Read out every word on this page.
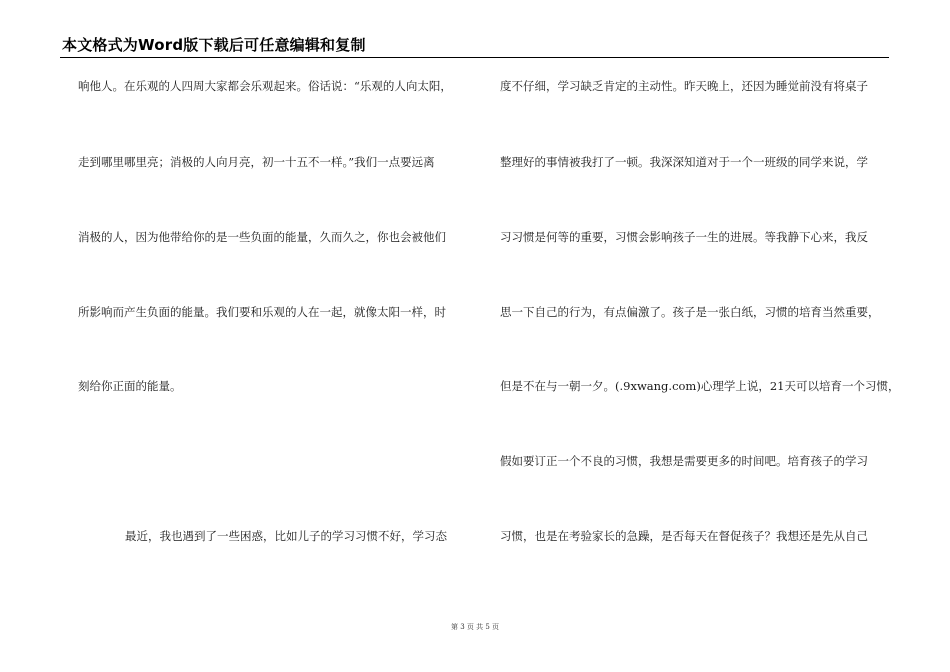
本文格式为Word版下载后可任意编辑和复制
响他人。在乐观的人四周大家都会乐观起来。俗话说：“乐观的人向太阳，
走到哪里哪里亮；消极的人向月亮，初一十五不一样。”我们一点要远离
消极的人，因为他带给你的是一些负面的能量，久而久之，你也会被他们
所影响而产生负面的能量。我们要和乐观的人在一起，就像太阳一样，时
刻给你正面的能量。
最近，我也遇到了一些困惑，比如儿子的学习习惯不好，学习态
度不仔细，学习缺乏肯定的主动性。昨天晚上，还因为睡觉前没有将桌子
整理好的事情被我打了一顿。我深深知道对于一个一班级的同学来说，学
习习惯是何等的重要，习惯会影响孩子一生的进展。等我静下心来，我反
思一下自己的行为，有点偏激了。孩子是一张白纸，习惯的培育当然重要，
但是不在与一朝一夕。(.9xwang.com)心理学上说，21天可以培育一个习惯，
假如要订正一个不良的习惯，我想是需要更多的时间吧。培育孩子的学习
习惯，也是在考验家长的急躁，是否每天在督促孩子？我想还是先从自己
第 3 页 共 5 页
